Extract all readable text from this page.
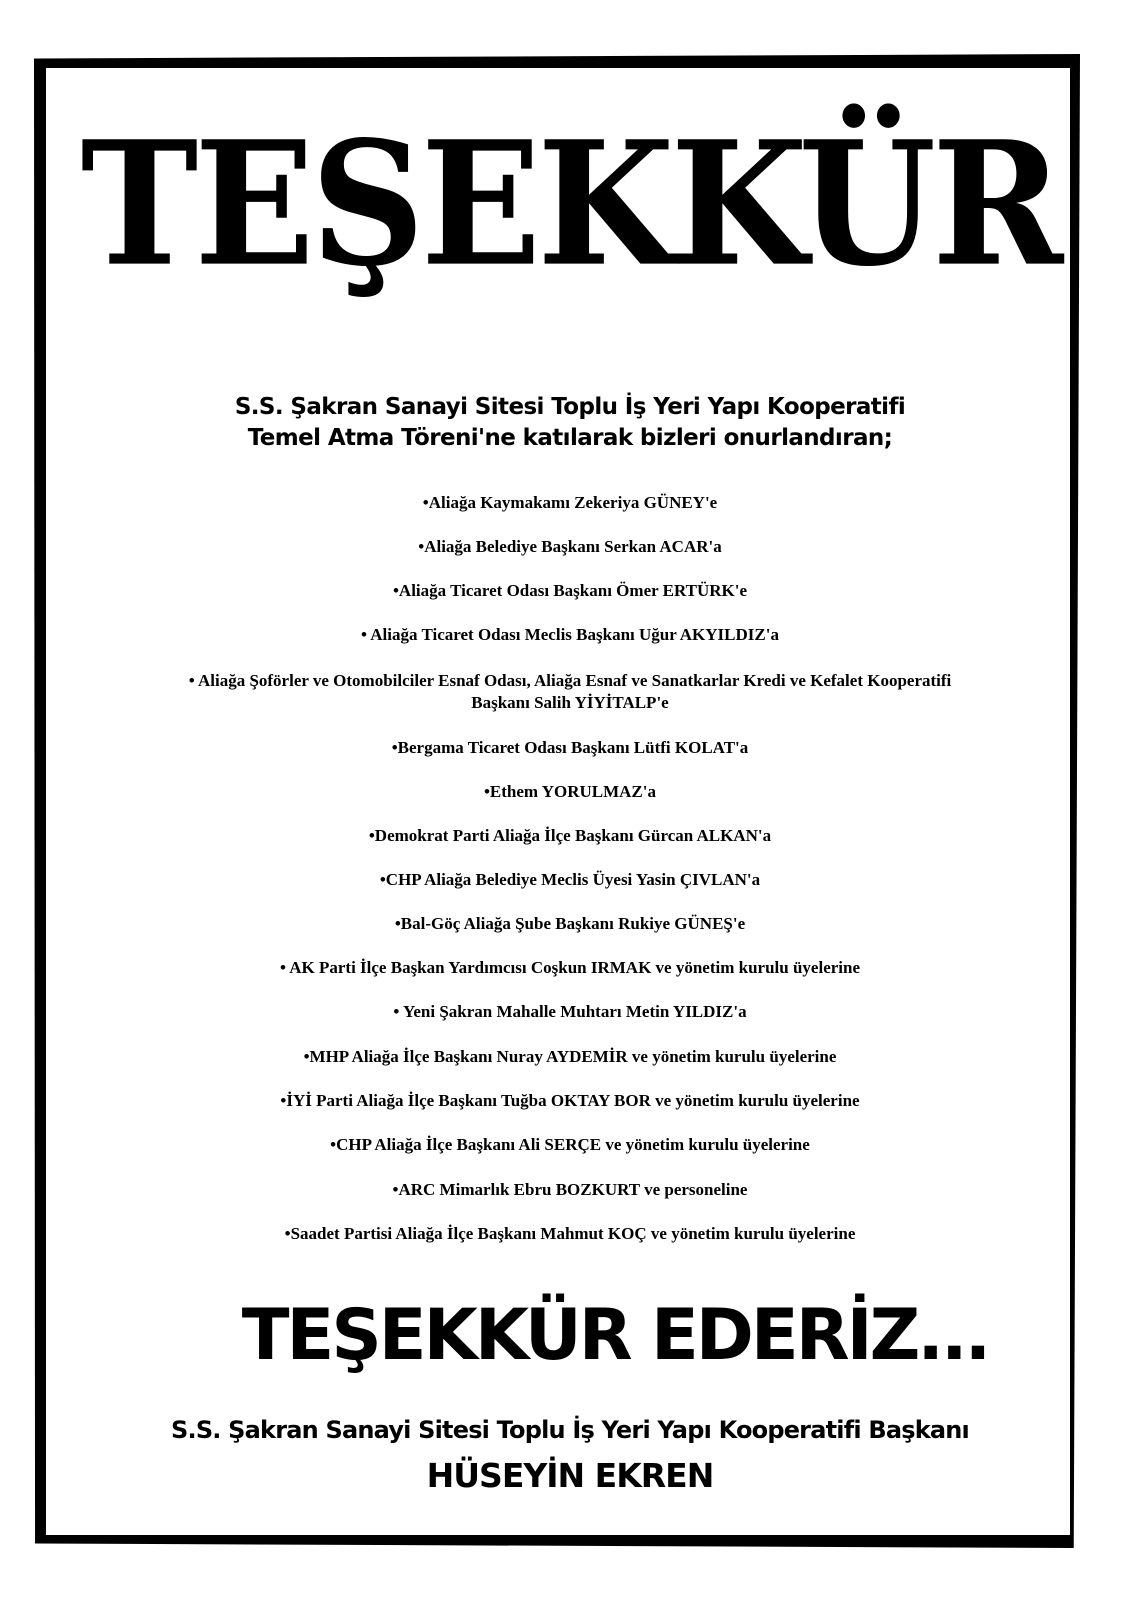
TEŞEKKÜR
S.S. Şakran Sanayi Sitesi Toplu İş Yeri Yapı Kooperatifi
Temel Atma Töreni'ne katılarak bizleri onurlandıran;
•Aliağa Kaymakamı Zekeriya GÜNEY'e
•Aliağa Belediye Başkanı Serkan ACAR'a
•Aliağa Ticaret Odası Başkanı Ömer ERTÜRK'e
• Aliağa Ticaret Odası Meclis Başkanı Uğur AKYILDIZ'a
• Aliağa Şoförler ve Otomobilciler Esnaf Odası, Aliağa Esnaf ve Sanatkarlar Kredi ve Kefalet Kooperatifi
Başkanı Salih YİYİTALP'e
•Bergama Ticaret Odası Başkanı Lütfi KOLAT'a
•Ethem YORULMAZ'a
•Demokrat Parti Aliağa İlçe Başkanı Gürcan ALKAN'a
•CHP Aliağa Belediye Meclis Üyesi Yasin ÇIVLAN'a
•Bal-Göç Aliağa Şube Başkanı Rukiye GÜNEŞ'e
• AK Parti İlçe Başkan Yardımcısı Coşkun IRMAK ve yönetim kurulu üyelerine
• Yeni Şakran Mahalle Muhtarı Metin YILDIZ'a
•MHP Aliağa İlçe Başkanı Nuray AYDEMİR ve yönetim kurulu üyelerine
•İYİ Parti Aliağa İlçe Başkanı Tuğba OKTAY BOR ve yönetim kurulu üyelerine
•CHP Aliağa İlçe Başkanı Ali SERÇE ve yönetim kurulu üyelerine
•ARC Mimarlık Ebru BOZKURT ve personeline
•Saadet Partisi Aliağa İlçe Başkanı Mahmut KOÇ ve yönetim kurulu üyelerine
TEŞEKKÜR EDERİZ...
S.S. Şakran Sanayi Sitesi Toplu İş Yeri Yapı Kooperatifi Başkanı
HÜSEYİN EKREN
